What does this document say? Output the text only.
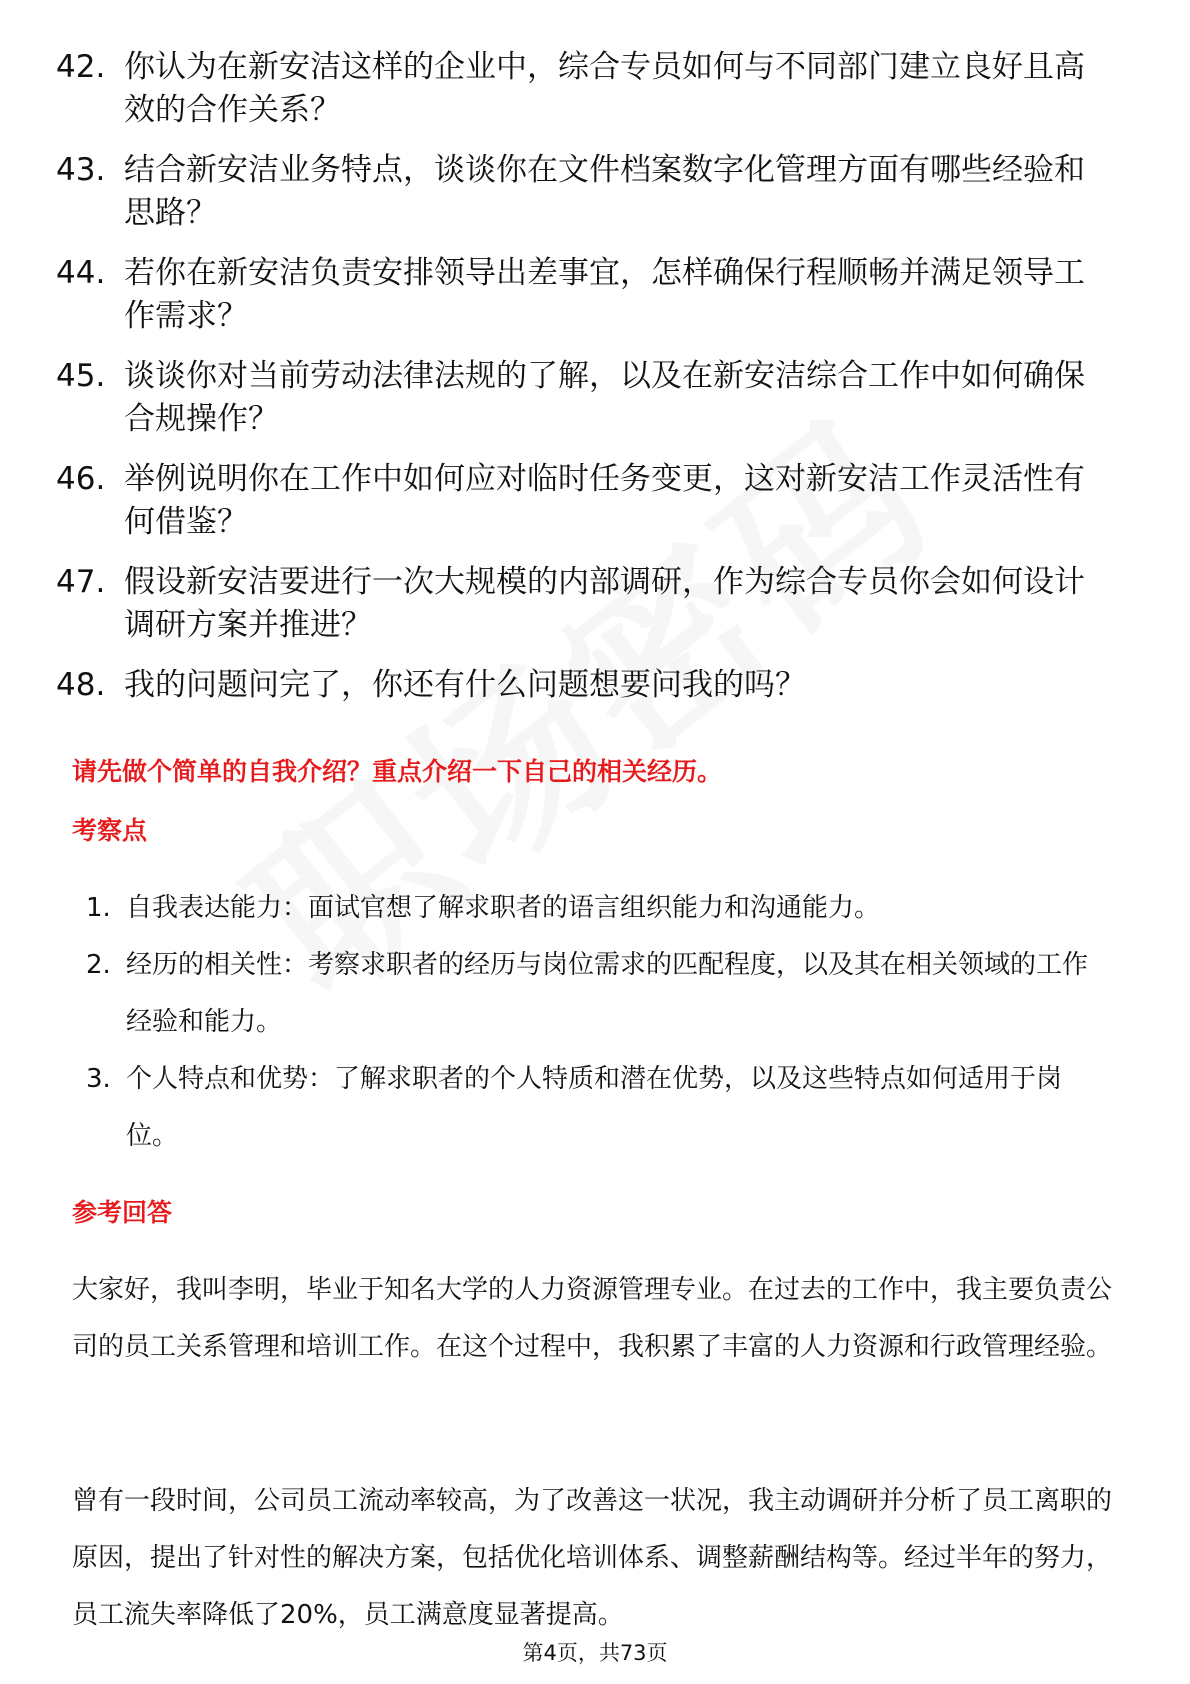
42. 你认为在新安洁这样的企业中，综合专员如何与不同部门建立良好且高效的合作关系？
43. 结合新安洁业务特点，谈谈你在文件档案数字化管理方面有哪些经验和思路？
44. 若你在新安洁负责安排领导出差事宜，怎样确保行程顺畅并满足领导工作需求？
45. 谈谈你对当前劳动法律法规的了解，以及在新安洁综合工作中如何确保合规操作？
46. 举例说明你在工作中如何应对临时任务变更，这对新安洁工作灵活性有何借鉴？
47. 假设新安洁要进行一次大规模的内部调研，作为综合专员你会如何设计调研方案并推进？
48. 我的问题问完了，你还有什么问题想要问我的吗？
请先做个简单的自我介绍？重点介绍一下自己的相关经历。
考察点
1. 自我表达能力：面试官想了解求职者的语言组织能力和沟通能力。
2. 经历的相关性：考察求职者的经历与岗位需求的匹配程度，以及其在相关领域的工作经验和能力。
3. 个人特点和优势：了解求职者的个人特质和潜在优势，以及这些特点如何适用于岗位。
参考回答
大家好，我叫李明，毕业于知名大学的人力资源管理专业。在过去的工作中，我主要负责公司的员工关系管理和培训工作。在这个过程中，我积累了丰富的人力资源和行政管理经验。
曾有一段时间，公司员工流动率较高，为了改善这一状况，我主动调研并分析了员工离职的原因，提出了针对性的解决方案，包括优化培训体系、调整薪酬结构等。经过半年的努力，员工流失率降低了20%，员工满意度显著提高。
第4页，共73页
